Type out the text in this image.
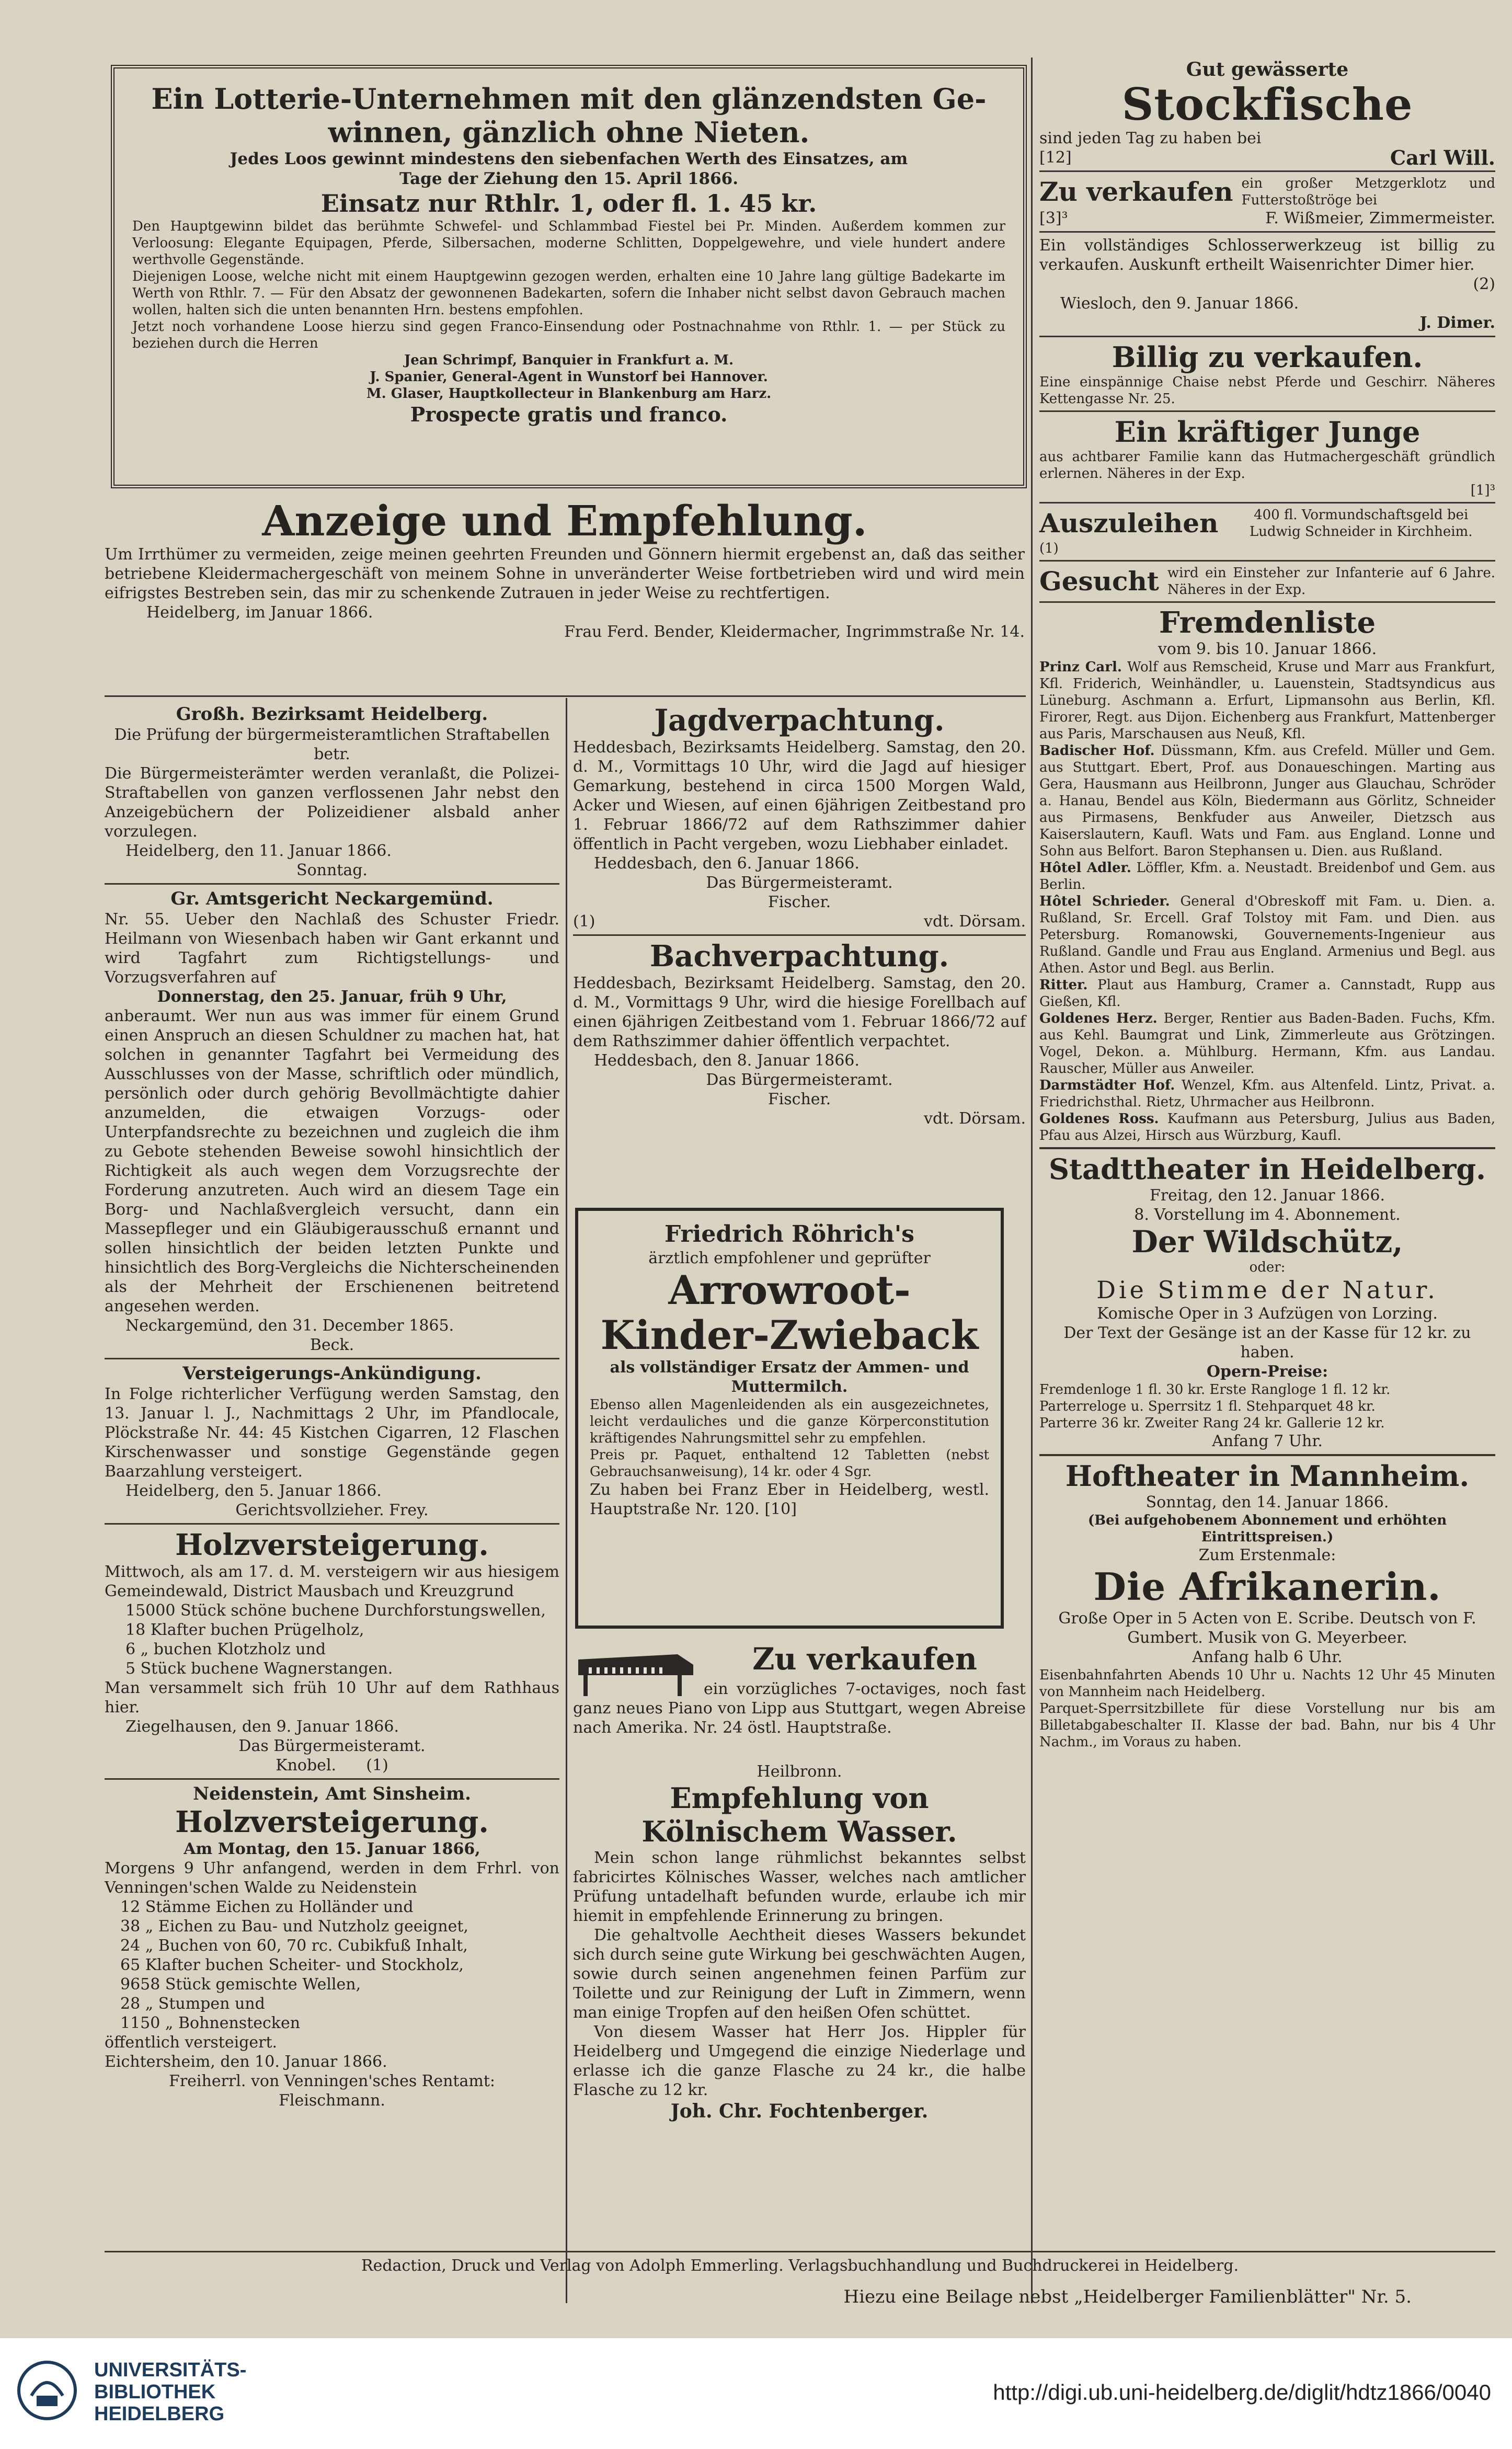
Ein Lotterie-Unternehmen mit den glänzendsten Ge-

winnen, gänzlich ohne Nieten.

Jedes Loos gewinnt mindestens den siebenfachen Werth des Einsatzes, am

Tage der Ziehung den 15. April 1866.

Einsatz nur Rthlr. 1, oder fl. 1. 45 kr.

Den Hauptgewinn bildet das berühmte Schwefel- und Schlammbad Fiestel bei Pr. Minden. Außerdem kommen zur Verloosung: Elegante Equipagen, Pferde, Silbersachen, moderne Schlitten, Doppelgewehre, und viele hundert andere werthvolle Gegenstände.

Diejenigen Loose, welche nicht mit einem Hauptgewinn gezogen werden, erhalten eine 10 Jahre lang gültige Badekarte im Werth von Rthlr. 7. — Für den Absatz der gewonnenen Badekarten, sofern die Inhaber nicht selbst davon Gebrauch machen wollen, halten sich die unten benannten Hrn. bestens empfohlen.

Jetzt noch vorhandene Loose hierzu sind gegen Franco-Einsendung oder Postnachnahme von Rthlr. 1. — per Stück zu beziehen durch die Herren

Jean Schrimpf, Banquier in Frankfurt a. M.

J. Spanier, General-Agent in Wunstorf bei Hannover.

M. Glaser, Hauptkollecteur in Blankenburg am Harz.

Prospecte gratis und franco.

Anzeige und Empfehlung.

Um Irrthümer zu vermeiden, zeige meinen geehrten Freunden und Gönnern hiermit ergebenst an, daß das seither betriebene Kleidermachergeschäft von meinem Sohne in unveränderter Weise fortbetrieben wird und wird mein eifrigstes Bestreben sein, das mir zu schenkende Zutrauen in jeder Weise zu rechtfertigen.

Heidelberg, im Januar 1866.

Frau Ferd. Bender, Kleidermacher, Ingrimmstraße Nr. 14.

Großh. Bezirksamt Heidelberg.

Die Prüfung der bürgermeisteramtlichen Straftabellen betr.

Die Bürgermeisterämter werden veranlaßt, die Polizei-Straftabellen von ganzen verflossenen Jahr nebst den Anzeigebüchern der Polizeidiener alsbald anher vorzulegen.

Heidelberg, den 11. Januar 1866.

Sonntag.

Gr. Amtsgericht Neckargemünd.

Nr. 55. Ueber den Nachlaß des Schuster Friedr. Heilmann von Wiesenbach haben wir Gant erkannt und wird Tagfahrt zum Richtigstellungs- und Vorzugsverfahren auf

Donnerstag, den 25. Januar, früh 9 Uhr,

anberaumt. Wer nun aus was immer für einem Grund einen Anspruch an diesen Schuldner zu machen hat, hat solchen in genannter Tagfahrt bei Vermeidung des Ausschlusses von der Masse, schriftlich oder mündlich, persönlich oder durch gehörig Bevollmächtigte dahier anzumelden, die etwaigen Vorzugs- oder Unterpfandsrechte zu bezeichnen und zugleich die ihm zu Gebote stehenden Beweise sowohl hinsichtlich der Richtigkeit als auch wegen dem Vorzugsrechte der Forderung anzutreten. Auch wird an diesem Tage ein Borg- und Nachlaßvergleich versucht, dann ein Massepfleger und ein Gläubigerausschuß ernannt und sollen hinsichtlich der beiden letzten Punkte und hinsichtlich des Borg-Vergleichs die Nichterscheinenden als der Mehrheit der Erschienenen beitretend angesehen werden.

Neckargemünd, den 31. December 1865.

Beck.

Versteigerungs-Ankündigung.

In Folge richterlicher Verfügung werden Samstag, den 13. Januar l. J., Nachmittags 2 Uhr, im Pfandlocale, Plöckstraße Nr. 44: 45 Kistchen Cigarren, 12 Flaschen Kirschenwasser und sonstige Gegenstände gegen Baarzahlung versteigert.

Heidelberg, den 5. Januar 1866.

Gerichtsvollzieher. Frey.

Holzversteigerung.

Mittwoch, als am 17. d. M. versteigern wir aus hiesigem Gemeindewald, District Mausbach und Kreuzgrund

15000 Stück schöne buchene Durchforstungswellen,

18 Klafter buchen Prügelholz,

6 „ buchen Klotzholz und

5 Stück buchene Wagnerstangen.

Man versammelt sich früh 10 Uhr auf dem Rathhaus hier.

Ziegelhausen, den 9. Januar 1866.

Das Bürgermeisteramt.

Knobel. (1)

Neidenstein, Amt Sinsheim.

Holzversteigerung.

Am Montag, den 15. Januar 1866,

Morgens 9 Uhr anfangend, werden in dem Frhrl. von Venningen'schen Walde zu Neidenstein

12 Stämme Eichen zu Holländer und

38 „ Eichen zu Bau- und Nutzholz geeignet,

24 „ Buchen von 60, 70 rc. Cubikfuß Inhalt,

65 Klafter buchen Scheiter- und Stockholz,

9658 Stück gemischte Wellen,

28 „ Stumpen und

1150 „ Bohnenstecken

öffentlich versteigert.

Eichtersheim, den 10. Januar 1866.

Freiherrl. von Venningen'sches Rentamt:

Fleischmann.

Jagdverpachtung.

Heddesbach, Bezirksamts Heidelberg. Samstag, den 20. d. M., Vormittags 10 Uhr, wird die Jagd auf hiesiger Gemarkung, bestehend in circa 1500 Morgen Wald, Acker und Wiesen, auf einen 6jährigen Zeitbestand pro 1. Februar 1866/72 auf dem Rathszimmer dahier öffentlich in Pacht vergeben, wozu Liebhaber einladet.

Heddesbach, den 6. Januar 1866.

Das Bürgermeisteramt.

Fischer.

(1)	vdt. Dörsam.

Bachverpachtung.

Heddesbach, Bezirksamt Heidelberg. Samstag, den 20. d. M., Vormittags 9 Uhr, wird die hiesige Forellbach auf einen 6jährigen Zeitbestand vom 1. Februar 1866/72 auf dem Rathszimmer dahier öffentlich verpachtet.

Heddesbach, den 8. Januar 1866.

Das Bürgermeisteramt.

Fischer.

vdt. Dörsam.

Friedrich Röhrich's

ärztlich empfohlener und geprüfter

Arrowroot-

Kinder-Zwieback

als vollständiger Ersatz der Ammen- und Muttermilch.

Ebenso allen Magenleidenden als ein ausgezeichnetes, leicht verdauliches und die ganze Körperconstitution kräftigendes Nahrungsmittel sehr zu empfehlen.

Preis pr. Paquet, enthaltend 12 Tabletten (nebst Gebrauchsanweisung), 14 kr. oder 4 Sgr.

Zu haben bei Franz Eber in Heidelberg, westl. Hauptstraße Nr. 120. [10]

Zu verkaufen

ein vorzügliches 7-octaviges, noch fast ganz neues Piano von Lipp aus Stuttgart, wegen Abreise nach Amerika. Nr. 24 östl. Hauptstraße.

Heilbronn.

Empfehlung von Kölnischem Wasser.

Mein schon lange rühmlichst bekanntes selbst fabricirtes Kölnisches Wasser, welches nach amtlicher Prüfung untadelhaft befunden wurde, erlaube ich mir hiemit in empfehlende Erinnerung zu bringen.

Die gehaltvolle Aechtheit dieses Wassers bekundet sich durch seine gute Wirkung bei geschwächten Augen, sowie durch seinen angenehmen feinen Parfüm zur Toilette und zur Reinigung der Luft in Zimmern, wenn man einige Tropfen auf den heißen Ofen schüttet.

Von diesem Wasser hat Herr Jos. Hippler für Heidelberg und Umgegend die einzige Niederlage und erlasse ich die ganze Flasche zu 24 kr., die halbe Flasche zu 12 kr.

Joh. Chr. Fochtenberger.

Gut gewässerte

Stockfische

sind jeden Tag zu haben bei

[12]	Carl Will.

Zu verkaufen ein großer Metzgerklotz und Futterstoßtröge bei

[3]³	F. Wißmeier, Zimmermeister.

Ein vollständiges Schlosserwerkzeug ist billig zu verkaufen. Auskunft ertheilt Waisenrichter Dimer hier.

(2)

Wiesloch, den 9. Januar 1866.

J. Dimer.

Billig zu verkaufen.

Eine einspännige Chaise nebst Pferde und Geschirr. Näheres Kettengasse Nr. 25.

Ein kräftiger Junge

aus achtbarer Familie kann das Hutmachergeschäft gründlich erlernen. Näheres in der Exp.

[1]³

Auszuleihen	400 fl. Vormundschaftsgeld bei Ludwig Schneider in Kirchheim.

(1)

Gesucht wird ein Einsteher zur Infanterie auf 6 Jahre. Näheres in der Exp.

Fremdenliste

vom 9. bis 10. Januar 1866.

Prinz Carl. Wolf aus Remscheid, Kruse und Marr aus Frankfurt, Kfl. Friderich, Weinhändler, u. Lauenstein, Stadtsyndicus aus Lüneburg. Aschmann a. Erfurt, Lipmansohn aus Berlin, Kfl. Firorer, Regt. aus Dijon. Eichenberg aus Frankfurt, Mattenberger aus Paris, Marschausen aus Neuß, Kfl.

Badischer Hof. Düssmann, Kfm. aus Crefeld. Müller und Gem. aus Stuttgart. Ebert, Prof. aus Donaueschingen. Marting aus Gera, Hausmann aus Heilbronn, Junger aus Glauchau, Schröder a. Hanau, Bendel aus Köln, Biedermann aus Görlitz, Schneider aus Pirmasens, Benkfuder aus Anweiler, Dietzsch aus Kaiserslautern, Kaufl. Wats und Fam. aus England. Lonne und Sohn aus Belfort. Baron Stephansen u. Dien. aus Rußland.

Hôtel Adler. Löffler, Kfm. a. Neustadt. Breidenbof und Gem. aus Berlin.

Hôtel Schrieder. General d'Obreskoff mit Fam. u. Dien. a. Rußland, Sr. Ercell. Graf Tolstoy mit Fam. und Dien. aus Petersburg. Romanowski, Gouvernements-Ingenieur aus Rußland. Gandle und Frau aus England. Armenius und Begl. aus Athen. Astor und Begl. aus Berlin.

Ritter. Plaut aus Hamburg, Cramer a. Cannstadt, Rupp aus Gießen, Kfl.

Goldenes Herz. Berger, Rentier aus Baden-Baden. Fuchs, Kfm. aus Kehl. Baumgrat und Link, Zimmerleute aus Grötzingen. Vogel, Dekon. a. Mühlburg. Hermann, Kfm. aus Landau. Rauscher, Müller aus Anweiler.

Darmstädter Hof. Wenzel, Kfm. aus Altenfeld. Lintz, Privat. a. Friedrichsthal. Rietz, Uhrmacher aus Heilbronn.

Goldenes Ross. Kaufmann aus Petersburg, Julius aus Baden, Pfau aus Alzei, Hirsch aus Würzburg, Kaufl.

Stadttheater in Heidelberg.

Freitag, den 12. Januar 1866.

8. Vorstellung im 4. Abonnement.

Der Wildschütz,

oder:

Die Stimme der Natur.

Komische Oper in 3 Aufzügen von Lorzing.

Der Text der Gesänge ist an der Kasse für 12 kr. zu haben.

Opern-Preise:

Fremdenloge 1 fl. 30 kr. Erste Rangloge 1 fl. 12 kr.

Parterreloge u. Sperrsitz 1 fl. Stehparquet 48 kr.

Parterre 36 kr. Zweiter Rang 24 kr. Gallerie 12 kr.

Anfang 7 Uhr.

Hoftheater in Mannheim.

Sonntag, den 14. Januar 1866.

(Bei aufgehobenem Abonnement und erhöhten Eintrittspreisen.)

Zum Erstenmale:

Die Afrikanerin.

Große Oper in 5 Acten von E. Scribe. Deutsch von F. Gumbert. Musik von G. Meyerbeer.

Anfang halb 6 Uhr.

Eisenbahnfahrten Abends 10 Uhr u. Nachts 12 Uhr 45 Minuten von Mannheim nach Heidelberg.

Parquet-Sperrsitzbillete für diese Vorstellung nur bis am Billetabgabeschalter II. Klasse der bad. Bahn, nur bis 4 Uhr Nachm., im Voraus zu haben.

Redaction, Druck und Verlag von Adolph Emmerling. Verlagsbuchhandlung und Buchdruckerei in Heidelberg.

Hiezu eine Beilage nebst „Heidelberger Familienblätter" Nr. 5.

UNIVERSITÄTS-
BIBLIOTHEK
HEIDELBERG
http://digi.ub.uni-heidelberg.de/diglit/hdtz1866/0040
